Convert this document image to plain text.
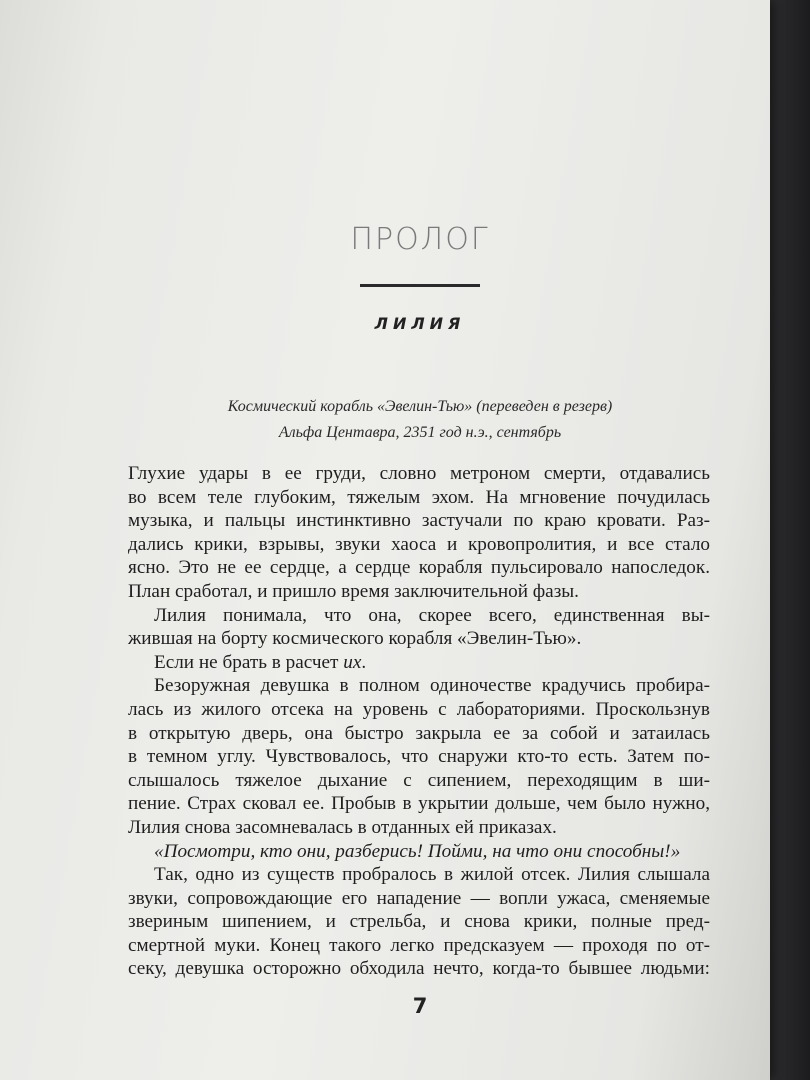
ПРОЛОГ
ЛИЛИЯ
Космический корабль «Эвелин-Тью» (переведен в резерв)
Альфа Центавра, 2351 год н.э., сентябрь
Глухие удары в ее груди, словно метроном смерти, отдавались
во всем теле глубоким, тяжелым эхом. На мгновение почудилась
музыка, и пальцы инстинктивно застучали по краю кровати. Раз-
дались крики, взрывы, звуки хаоса и кровопролития, и все стало
ясно. Это не ее сердце, а сердце корабля пульсировало напоследок.
План сработал, и пришло время заключительной фазы.
Лилия понимала, что она, скорее всего, единственная вы-
жившая на борту космического корабля «Эвелин-Тью».
Если не брать в расчет их.
Безоружная девушка в полном одиночестве крадучись пробира-
лась из жилого отсека на уровень с лабораториями. Проскользнув
в открытую дверь, она быстро закрыла ее за собой и затаилась
в темном углу. Чувствовалось, что снаружи кто-то есть. Затем по-
слышалось тяжелое дыхание с сипением, переходящим в ши-
пение. Страх сковал ее. Пробыв в укрытии дольше, чем было нужно,
Лилия снова засомневалась в отданных ей приказах.
«Посмотри, кто они, разберись! Пойми, на что они способны!»
Так, одно из существ пробралось в жилой отсек. Лилия слышала
звуки, сопровождающие его нападение — вопли ужаса, сменяемые
звериным шипением, и стрельба, и снова крики, полные пред-
смертной муки. Конец такого легко предсказуем — проходя по от-
секу, девушка осторожно обходила нечто, когда-то бывшее людьми:
7
